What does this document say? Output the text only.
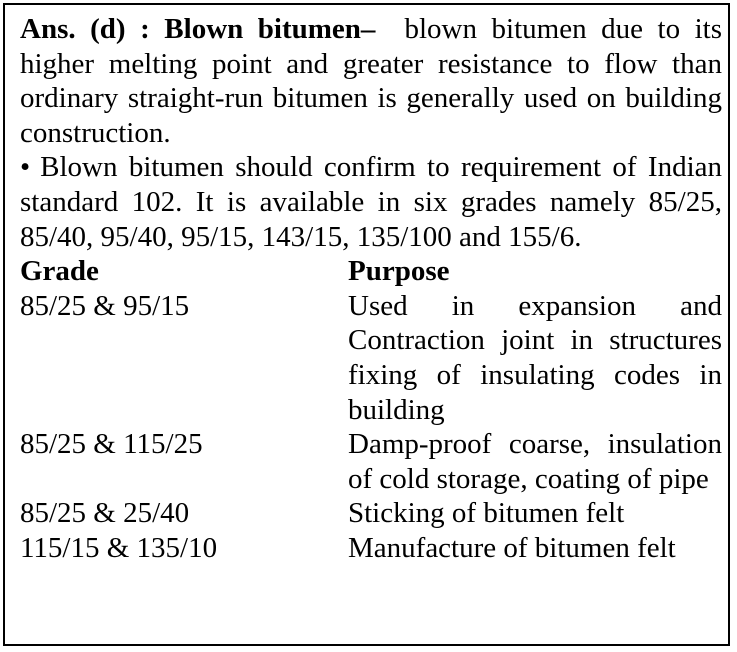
Ans. (d) : Blown bitumen– blown bitumen due to its higher melting point and greater resistance to flow than ordinary straight-run bitumen is generally used on building construction.

• Blown bitumen should confirm to requirement of Indian standard 102. It is available in six grades namely 85/25, 85/40, 95/40, 95/15, 143/15, 135/100 and 155/6.

Grade	Purpose
85/25 & 95/15	Used in expansion and Contraction joint in structures fixing of insulating codes in building
85/25 & 115/25	Damp-proof coarse, insulation of cold storage, coating of pipe
85/25 & 25/40	Sticking of bitumen felt
115/15 & 135/10	Manufacture of bitumen felt
